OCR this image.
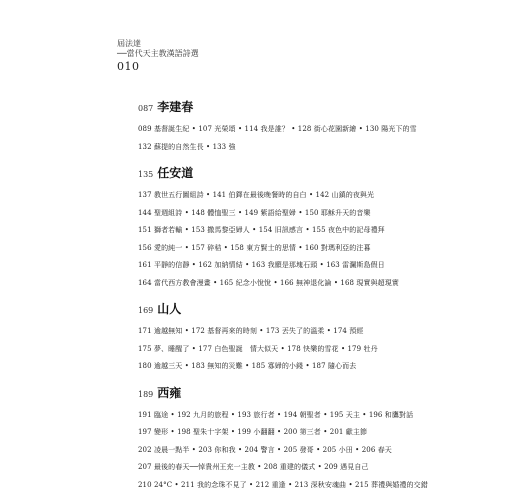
屆法達
──當代天主教漢語詩選
010
087 李建春
089 基督誕生紀 • 107 光榮頌 • 114 我是誰？ • 128 街心花園新繪 • 130 陽光下的雪
132 蘇提的自然生長 • 133 強
135 任安道
137 教世五行圖組詩 • 141 伯鐸在最後晚餐時的自白 • 142 山鎮的夜與光
144 聖週組詩 • 148 體恤聖三 • 149 紫語給聖婦 • 150 耶穌升天的音樂
151 獅者若輸 • 153 撒馬黎亞婦人 • 154 旧訊感言 • 155 夜色中的記母禮拜
156 愛的純一 • 157 碎秸 • 158 東方賢士的思情 • 160 對瑪利亞的注暮
161 平靜的信靜 • 162 加納情結 • 163 我願是那塊石頭 • 163 雷瀾斯島假日
164 當代西方教會漫畫 • 165 紀念小悅悅 • 166 無神退化論 • 168 現實與超現實
169 山人
171 逾越無知 • 172 基督再來的時刻 • 173 丟失了的溫柔 • 174 預經
175 夢、睡醒了 • 177 白色聖誕　情大似天 • 178 快樂的雪花 • 179 牡丹
180 逾越三天 • 183 無知的災難 • 185 寡婦的小錢 • 187 隨心而去
189 西雍
191 臨途 • 192 九月的旅程 • 193 旅行者 • 194 朝聖者 • 195 天主 • 196 和鷹對話
197 變形 • 198 聖朱十字架 • 199 小翻翻 • 200 第三者 • 201 獻主節
202 凌晨一點半 • 203 你和我 • 204 警言 • 205 發哥 • 205 小田 • 206 春天
207 最後的春天──悼貴州王充一主教 • 208 重建的儀式 • 209 遇見自己
210 24°C • 211 我的念珠不見了 • 212 重逢 • 213 深秋安魂曲 • 215 葬禮與婚禮的交錯
